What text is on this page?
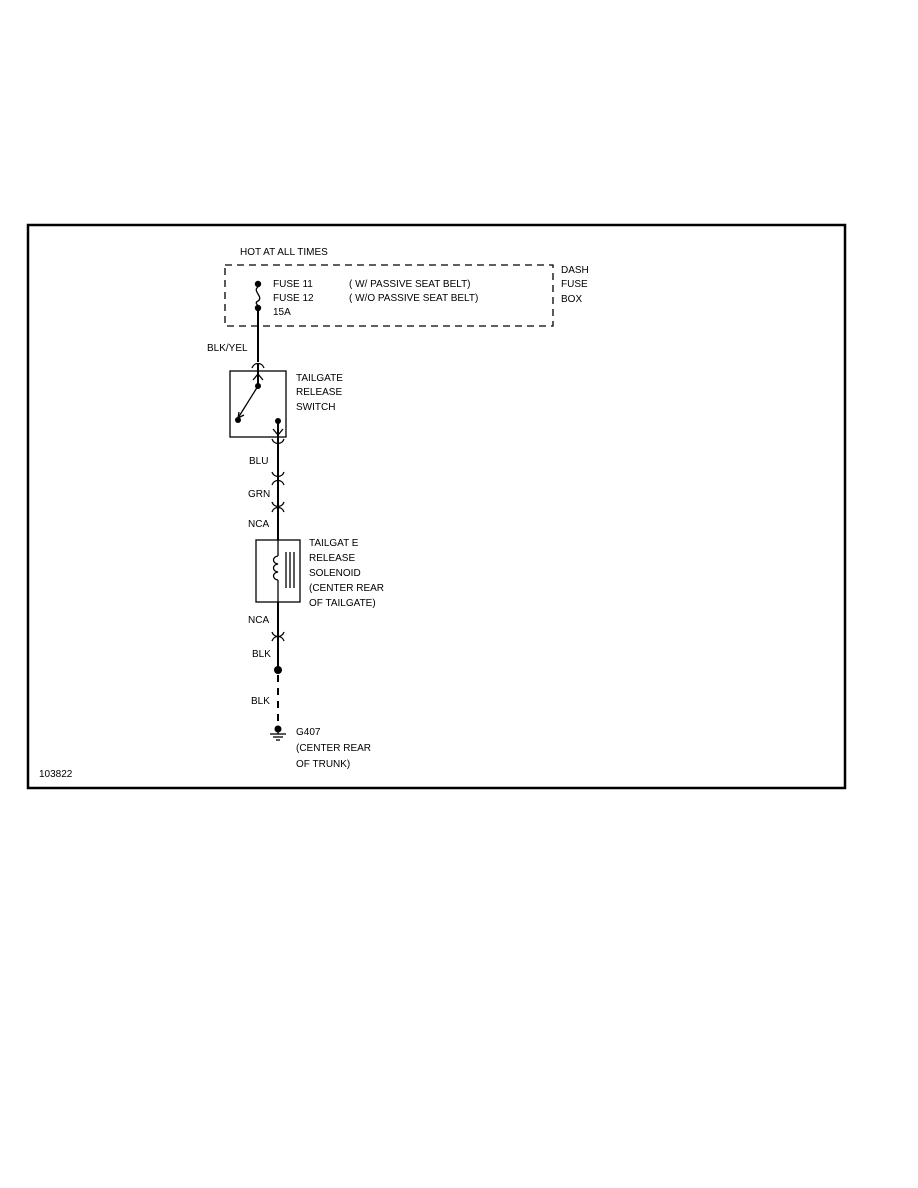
HOT AT ALL TIMES
DASH
FUSE
BOX
FUSE 11
FUSE 12
15A
( W/ PASSIVE SEAT BELT)
( W/O PASSIVE SEAT BELT)
BLK/YEL
TAILGATE
RELEASE
SWITCH
BLU
GRN
NCA
TAILGAT E
RELEASE
SOLENOID
(CENTER REAR
OF TAILGATE)
NCA
BLK
BLK
G407
(CENTER REAR
OF TRUNK)
103822
